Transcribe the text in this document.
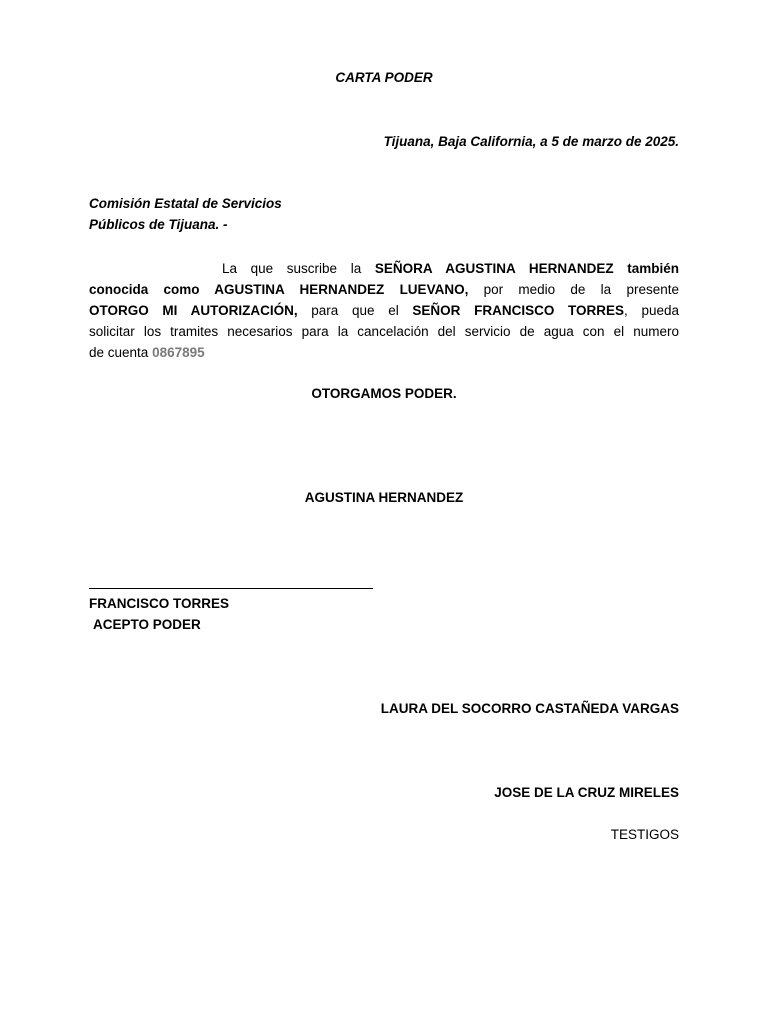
CARTA PODER

Tijuana, Baja California, a 5 de marzo de 2025.

Comisión Estatal de Servicios

Públicos de Tijuana. -

La que suscribe la SEÑORA AGUSTINA HERNANDEZ también
conocida como AGUSTINA HERNANDEZ LUEVANO, por medio de la presente
OTORGO MI AUTORIZACIÓN, para que el SEÑOR FRANCISCO TORRES, pueda
solicitar los tramites necesarios para la cancelación del servicio de agua con el numero
de cuenta 0867895

OTORGAMOS PODER.

AGUSTINA HERNANDEZ

FRANCISCO TORRES

ACEPTO PODER

LAURA DEL SOCORRO CASTAÑEDA VARGAS

JOSE DE LA CRUZ MIRELES

TESTIGOS
